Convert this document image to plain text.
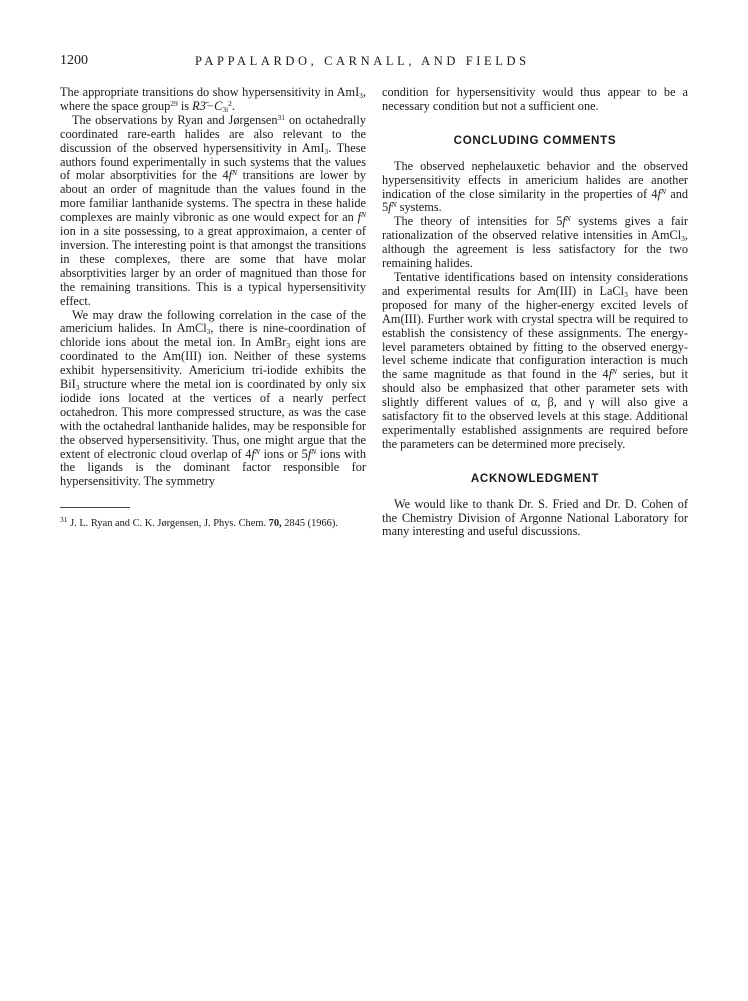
1200	PAPPALARDO, CARNALL, AND FIELDS

The appropriate transitions do show hypersensitivity in AmI$_3$, where the space group$^{29}$ is $R3̄-C_{3i}^2$.

The observations by Ryan and Jørgensen$^{31}$ on octahedrally coordinated rare-earth halides are also relevant to the discussion of the observed hypersensitivity in AmI$_3$. These authors found experimentally in such systems that the values of molar absorptivities for the $4f^N$ transitions are lower by about an order of magnitude than the values found in the more familiar lanthanide systems. The spectra in these halide complexes are mainly vibronic as one would expect for an $f^N$ ion in a site possessing, to a great approximaion, a center of inversion. The interesting point is that amongst the transitions in these complexes, there are some that have molar absorptivities larger by an order of magnitued than those for the remaining transitions. This is a typical hypersensitivity effect.

We may draw the following correlation in the case of the americium halides. In AmCl$_3$, there is nine-coordination of chloride ions about the metal ion. In AmBr$_3$ eight ions are coordinated to the Am(III) ion. Neither of these systems exhibit hypersensitivity. Americium tri-iodide exhibits the BiI$_3$ structure where the metal ion is coordinated by only six iodide ions located at the vertices of a nearly perfect octahedron. This more compressed structure, as was the case with the octahedral lanthanide halides, may be responsible for the observed hypersensitivity. Thus, one might argue that the extent of electronic cloud overlap of $4f^N$ ions or $5f^N$ ions with the ligands is the dominant factor responsible for hypersensitivity. The symmetry

$^{31}$ J. L. Ryan and C. K. Jørgensen, J. Phys. Chem. 70, 2845 (1966).

condition for hypersensitivity would thus appear to be a necessary condition but not a sufficient one.

CONCLUDING COMMENTS

The observed nephelauxetic behavior and the observed hypersensitivity effects in americium halides are another indication of the close similarity in the properties of $4f^N$ and $5f^N$ systems.

The theory of intensities for $5f^N$ systems gives a fair rationalization of the observed relative intensities in AmCl$_3$, although the agreement is less satisfactory for the two remaining halides.

Tentative identifications based on intensity considerations and experimental results for Am(III) in LaCl$_3$ have been proposed for many of the higher-energy excited levels of Am(III). Further work with crystal spectra will be required to establish the consistency of these assignments. The energy-level parameters obtained by fitting to the observed energy-level scheme indicate that configuration interaction is much the same magnitude as that found in the $4f^N$ series, but it should also be emphasized that other parameter sets with slightly different values of α, β, and γ will also give a satisfactory fit to the observed levels at this stage. Additional experimentally established assignments are required before the parameters can be determined more precisely.

ACKNOWLEDGMENT

We would like to thank Dr. S. Fried and Dr. D. Cohen of the Chemistry Division of Argonne National Laboratory for many interesting and useful discussions.
